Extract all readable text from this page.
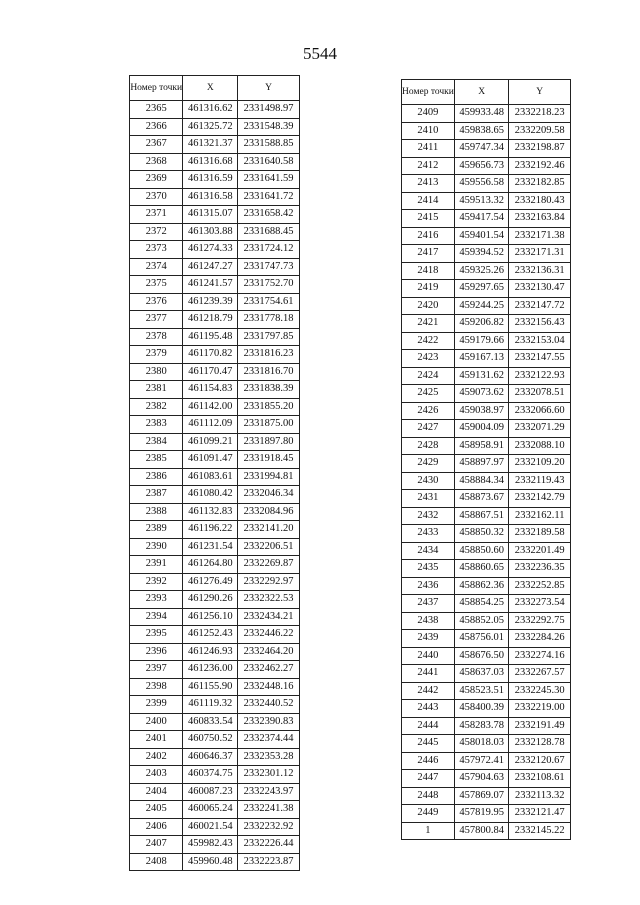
5544
Номер точки	X	Y
2365	461316.62	2331498.97
2366	461325.72	2331548.39
2367	461321.37	2331588.85
2368	461316.68	2331640.58
2369	461316.59	2331641.59
2370	461316.58	2331641.72
2371	461315.07	2331658.42
2372	461303.88	2331688.45
2373	461274.33	2331724.12
2374	461247.27	2331747.73
2375	461241.57	2331752.70
2376	461239.39	2331754.61
2377	461218.79	2331778.18
2378	461195.48	2331797.85
2379	461170.82	2331816.23
2380	461170.47	2331816.70
2381	461154.83	2331838.39
2382	461142.00	2331855.20
2383	461112.09	2331875.00
2384	461099.21	2331897.80
2385	461091.47	2331918.45
2386	461083.61	2331994.81
2387	461080.42	2332046.34
2388	461132.83	2332084.96
2389	461196.22	2332141.20
2390	461231.54	2332206.51
2391	461264.80	2332269.87
2392	461276.49	2332292.97
2393	461290.26	2332322.53
2394	461256.10	2332434.21
2395	461252.43	2332446.22
2396	461246.93	2332464.20
2397	461236.00	2332462.27
2398	461155.90	2332448.16
2399	461119.32	2332440.52
2400	460833.54	2332390.83
2401	460750.52	2332374.44
2402	460646.37	2332353.28
2403	460374.75	2332301.12
2404	460087.23	2332243.97
2405	460065.24	2332241.38
2406	460021.54	2332232.92
2407	459982.43	2332226.44
2408	459960.48	2332223.87
Номер точки	X	Y
2409	459933.48	2332218.23
2410	459838.65	2332209.58
2411	459747.34	2332198.87
2412	459656.73	2332192.46
2413	459556.58	2332182.85
2414	459513.32	2332180.43
2415	459417.54	2332163.84
2416	459401.54	2332171.38
2417	459394.52	2332171.31
2418	459325.26	2332136.31
2419	459297.65	2332130.47
2420	459244.25	2332147.72
2421	459206.82	2332156.43
2422	459179.66	2332153.04
2423	459167.13	2332147.55
2424	459131.62	2332122.93
2425	459073.62	2332078.51
2426	459038.97	2332066.60
2427	459004.09	2332071.29
2428	458958.91	2332088.10
2429	458897.97	2332109.20
2430	458884.34	2332119.43
2431	458873.67	2332142.79
2432	458867.51	2332162.11
2433	458850.32	2332189.58
2434	458850.60	2332201.49
2435	458860.65	2332236.35
2436	458862.36	2332252.85
2437	458854.25	2332273.54
2438	458852.05	2332292.75
2439	458756.01	2332284.26
2440	458676.50	2332274.16
2441	458637.03	2332267.57
2442	458523.51	2332245.30
2443	458400.39	2332219.00
2444	458283.78	2332191.49
2445	458018.03	2332128.78
2446	457972.41	2332120.67
2447	457904.63	2332108.61
2448	457869.07	2332113.32
2449	457819.95	2332121.47
1	457800.84	2332145.22
